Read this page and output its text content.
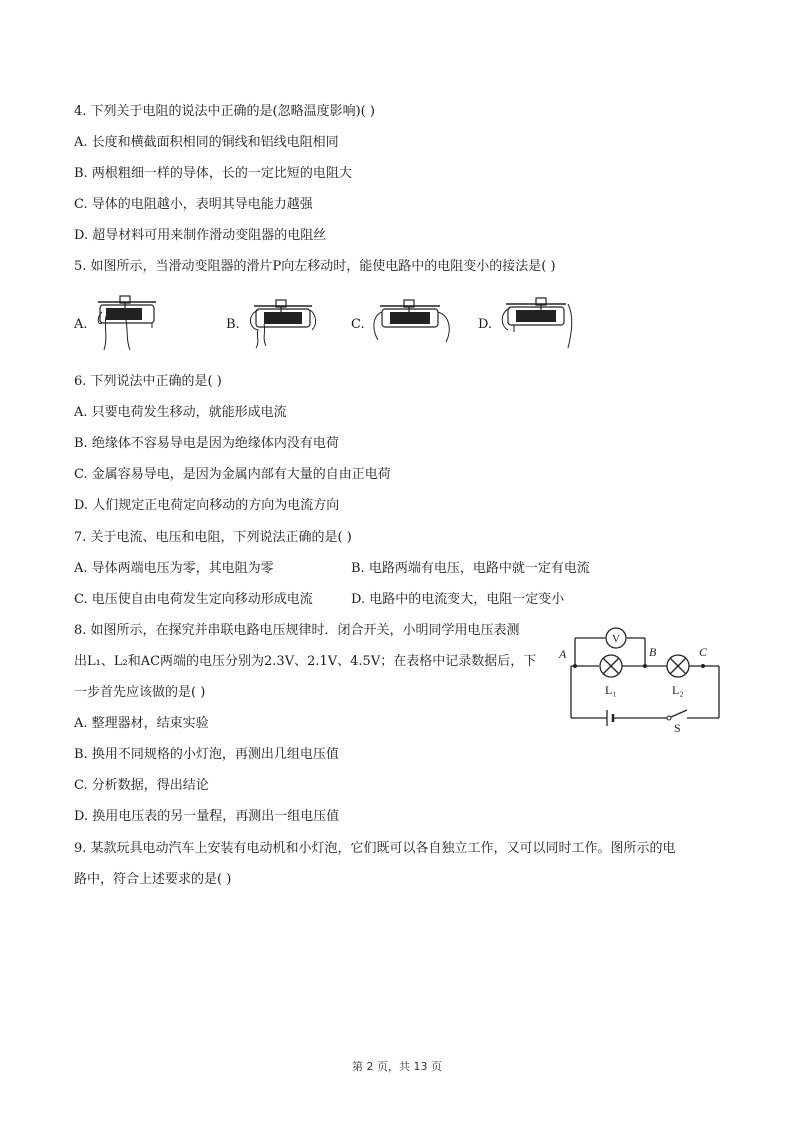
4. 下列关于电阻的说法中正确的是(忽略温度影响)( )
A. 长度和横截面积相同的铜线和铝线电阻相同
B. 两根粗细一样的导体，长的一定比短的电阻大
C. 导体的电阻越小，表明其导电能力越强
D. 超导材料可用来制作滑动变阻器的电阻丝
5. 如图所示，当滑动变阻器的滑片P向左移动时，能使电路中的电阻变小的接法是( )
A.	B.	C.	D.
6. 下列说法中正确的是( )
A. 只要电荷发生移动，就能形成电流
B. 绝缘体不容易导电是因为绝缘体内没有电荷
C. 金属容易导电，是因为金属内部有大量的自由正电荷
D. 人们规定正电荷定向移动的方向为电流方向
7. 关于电流、电压和电阻，下列说法正确的是( )
A. 导体两端电压为零，其电阻为零	B. 电路两端有电压，电路中就一定有电流
C. 电压使自由电荷发生定向移动形成电流	D. 电路中的电流变大，电阻一定变小
8. 如图所示，在探究并串联电路电压规律时．闭合开关，小明同学用电压表测
出L₁、L₂和AC两端的电压分别为2.3V、2.1V、4.5V；在表格中记录数据后，下
一步首先应该做的是( )
A. 整理器材，结束实验
B. 换用不同规格的小灯泡，再测出几组电压值
C. 分析数据，得出结论
D. 换用电压表的另一量程，再测出一组电压值
V
A	B	C
L₁	L₂
S
9. 某款玩具电动汽车上安装有电动机和小灯泡，它们既可以各自独立工作，又可以同时工作。图所示的电
路中，符合上述要求的是( )
第 2 页，共 13 页
